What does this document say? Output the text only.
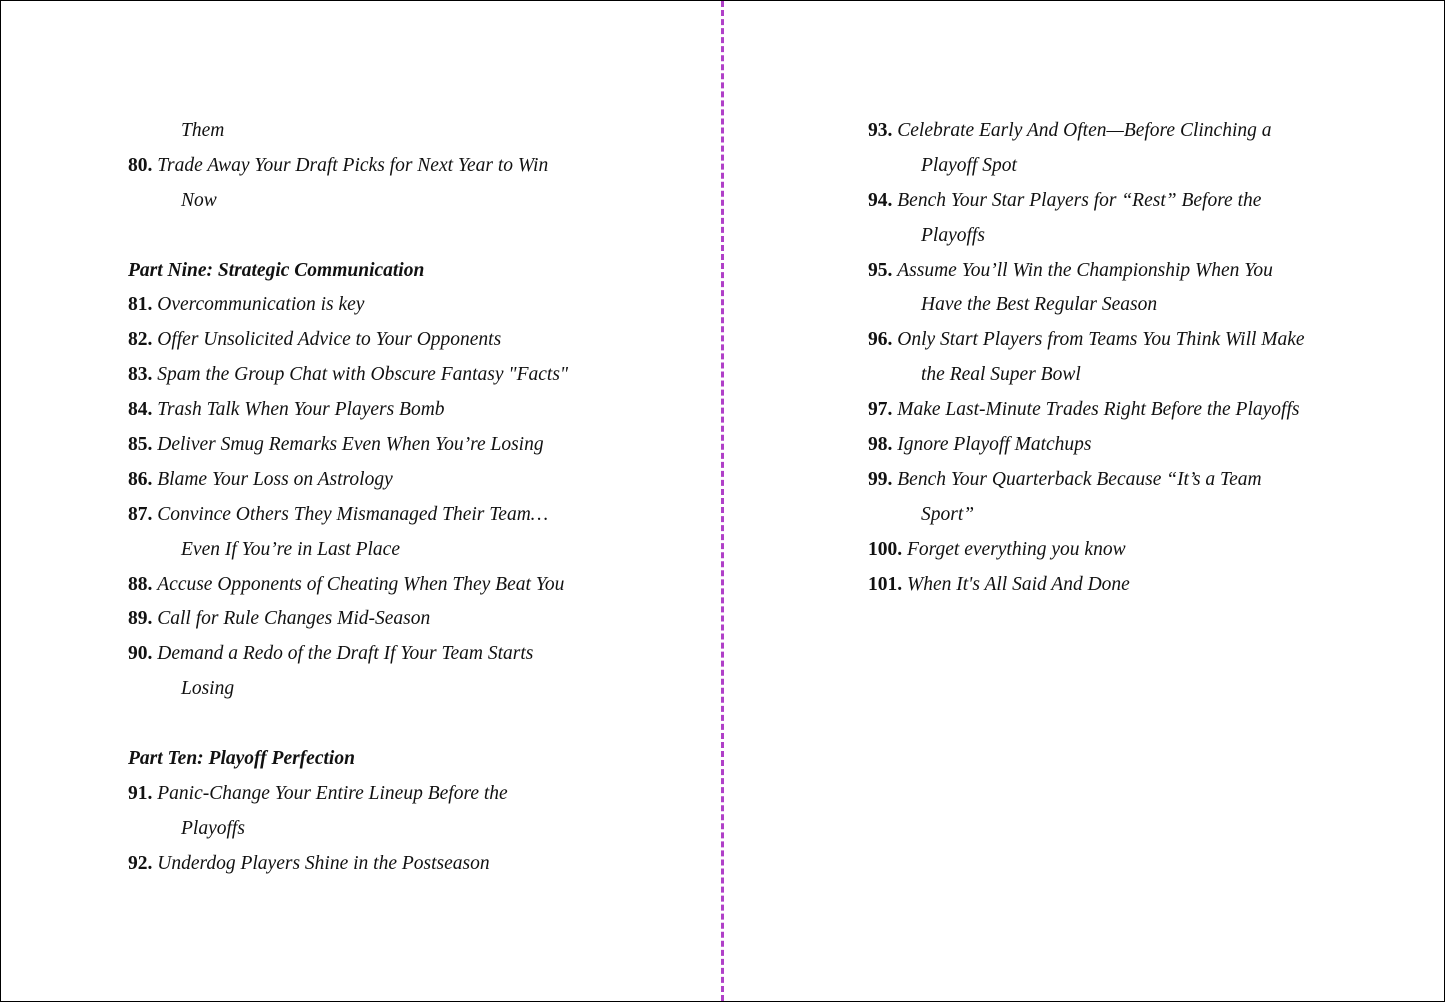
Them
80. Trade Away Your Draft Picks for Next Year to Win
Now
Part Nine: Strategic Communication
81. Overcommunication is key
82. Offer Unsolicited Advice to Your Opponents
83. Spam the Group Chat with Obscure Fantasy "Facts"
84. Trash Talk When Your Players Bomb
85. Deliver Smug Remarks Even When You’re Losing
86. Blame Your Loss on Astrology
87. Convince Others They Mismanaged Their Team…
Even If You’re in Last Place
88. Accuse Opponents of Cheating When They Beat You
89. Call for Rule Changes Mid-Season
90. Demand a Redo of the Draft If Your Team Starts
Losing
Part Ten: Playoff Perfection
91. Panic-Change Your Entire Lineup Before the
Playoffs
92. Underdog Players Shine in the Postseason
93. Celebrate Early And Often—Before Clinching a
Playoff Spot
94. Bench Your Star Players for “Rest” Before the
Playoffs
95. Assume You’ll Win the Championship When You
Have the Best Regular Season
96. Only Start Players from Teams You Think Will Make
the Real Super Bowl
97. Make Last-Minute Trades Right Before the Playoffs
98. Ignore Playoff Matchups
99. Bench Your Quarterback Because “It’s a Team
Sport”
100. Forget everything you know
101. When It's All Said And Done
